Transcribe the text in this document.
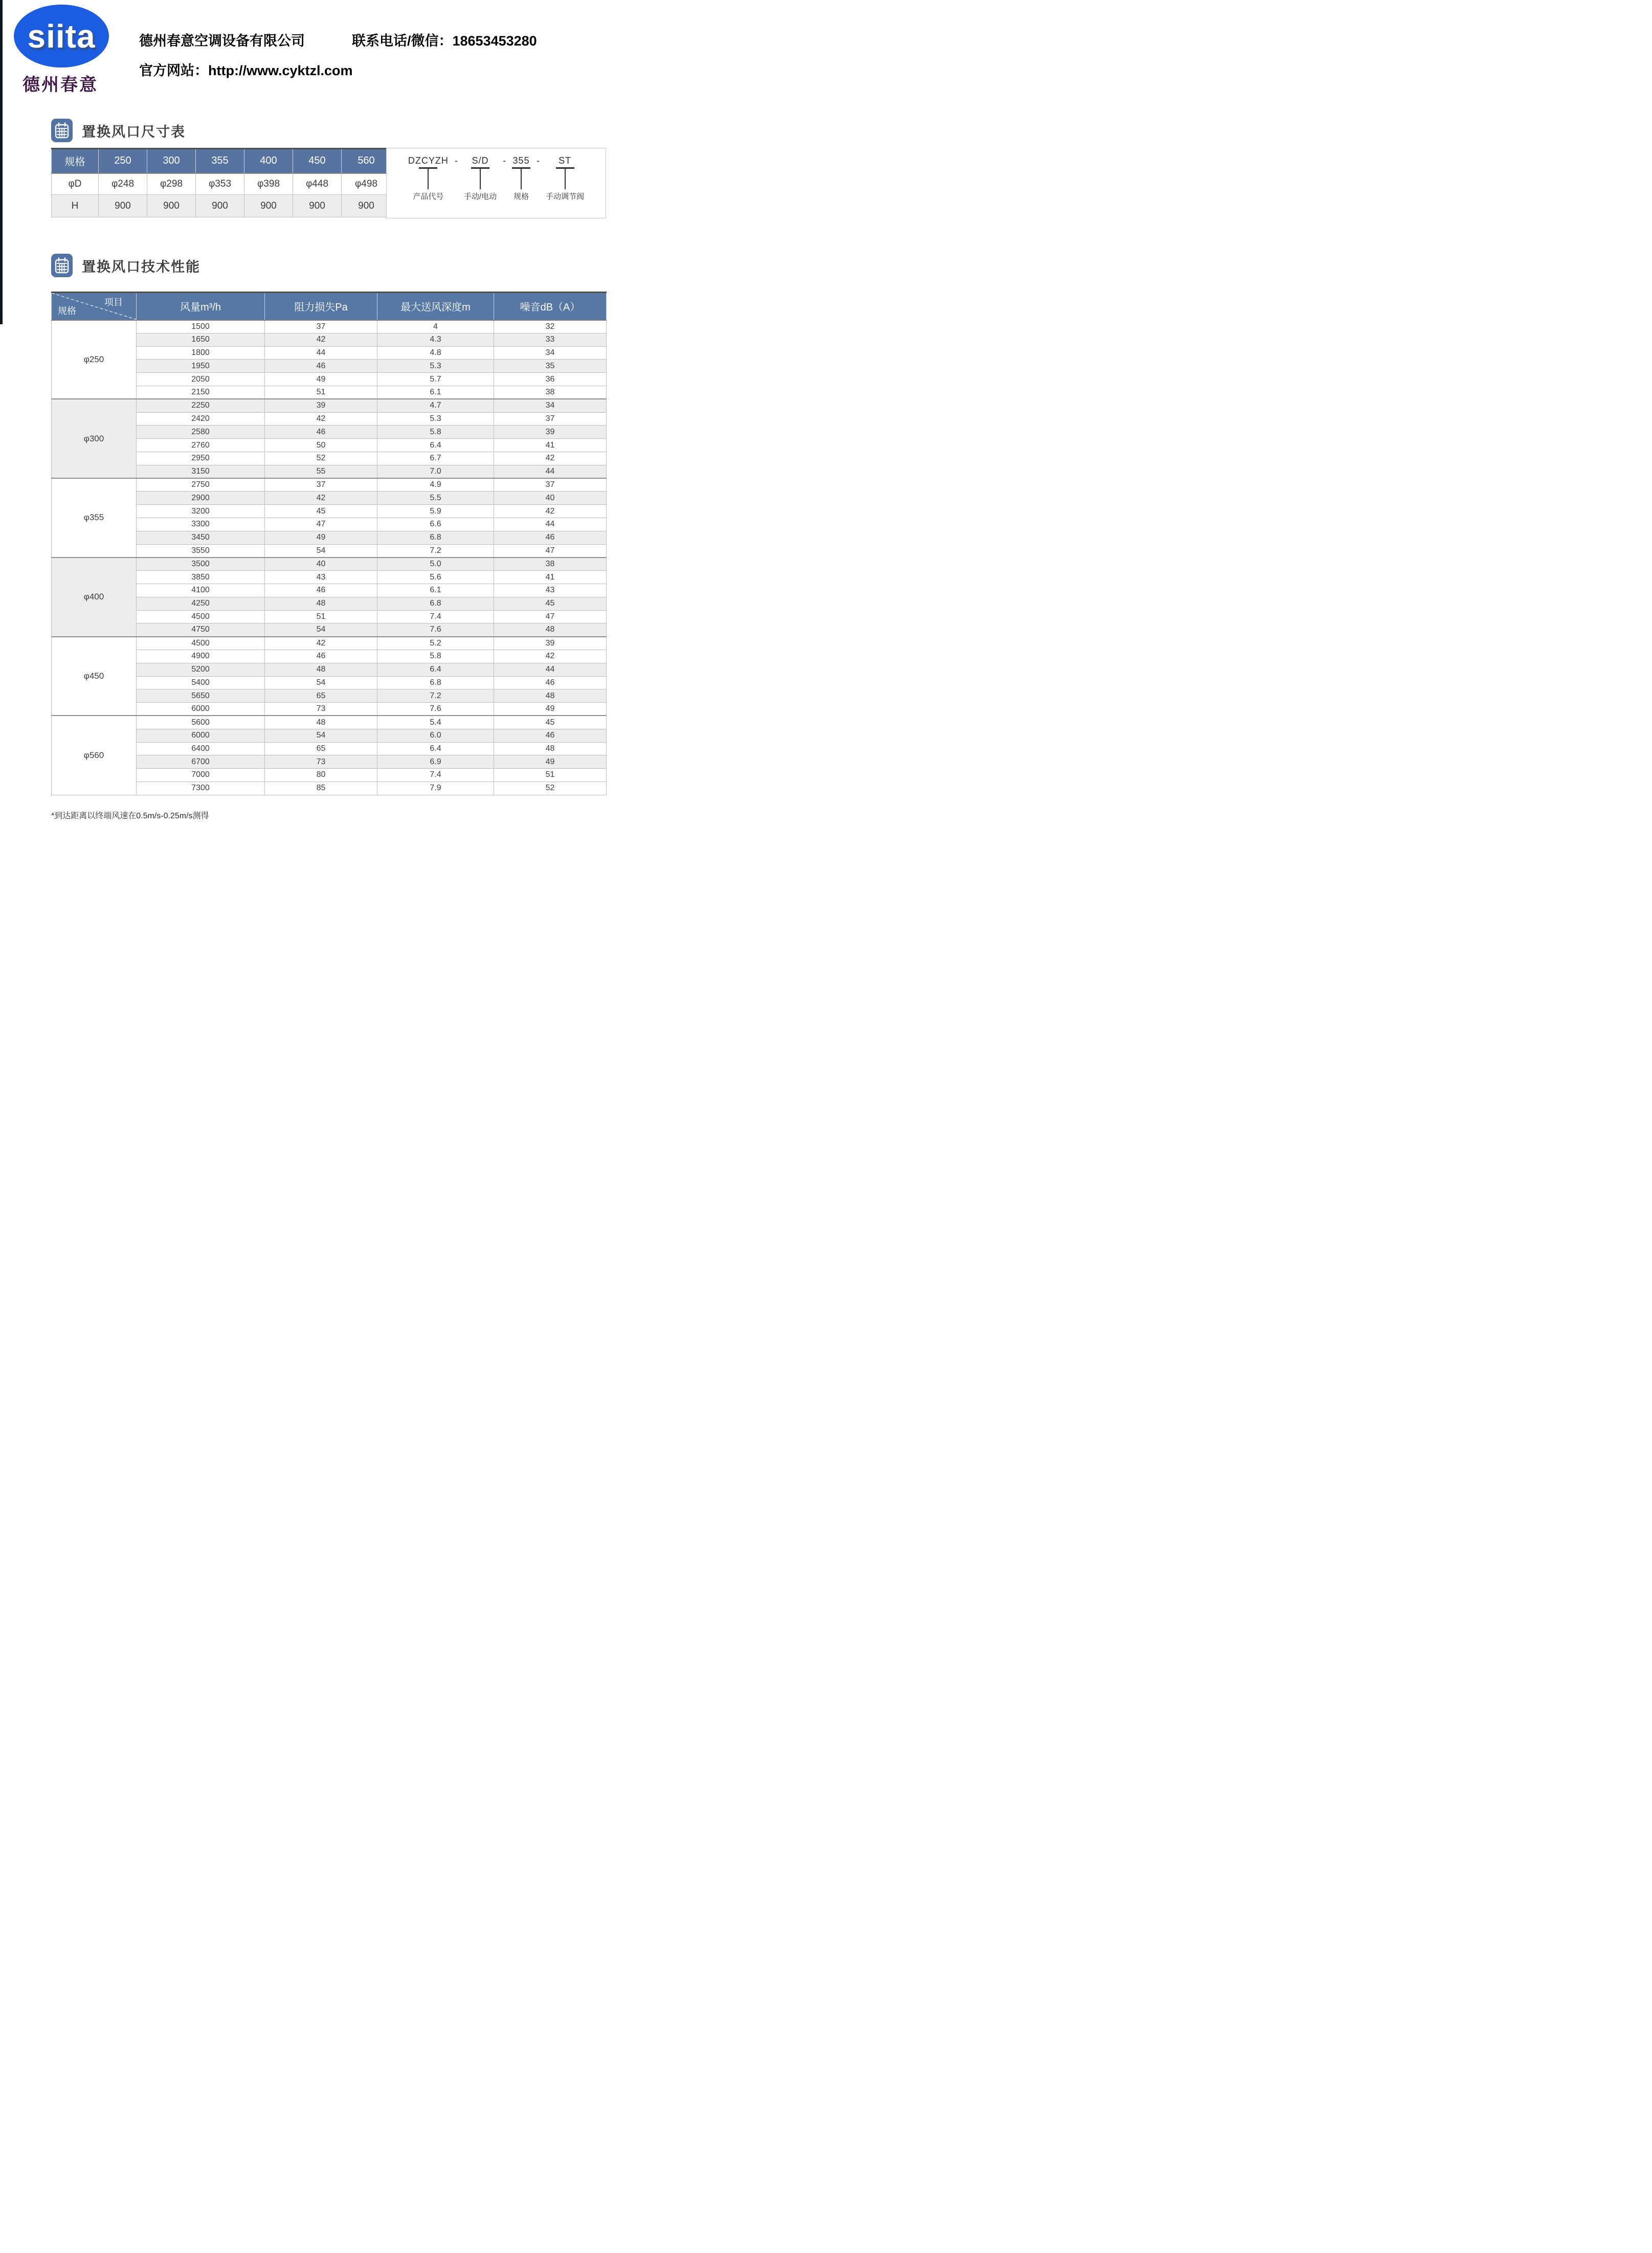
siita
德州春意
德州春意空调设备有限公司	联系电话/微信：18653453280
官方网站：http://www.cyktzl.com
置换风口尺寸表
规格	250	300	355	400	450	560
φD	φ248	φ298	φ353	φ398	φ448	φ498
H	900	900	900	900	900	900
DZCYZH
产品代号
- S/D
手动/电动
- 355
规格
- ST
手动调节阀
置换风口技术性能
项目
规格	风量m³/h	阻力损失Pa	最大送风深度m	噪音dB（A）
φ250	1500	37	4	32
	1650	42	4.3	33
	1800	44	4.8	34
	1950	46	5.3	35
	2050	49	5.7	36
	2150	51	6.1	38
φ300	2250	39	4.7	34
	2420	42	5.3	37
	2580	46	5.8	39
	2760	50	6.4	41
	2950	52	6.7	42
	3150	55	7.0	44
φ355	2750	37	4.9	37
	2900	42	5.5	40
	3200	45	5.9	42
	3300	47	6.6	44
	3450	49	6.8	46
	3550	54	7.2	47
φ400	3500	40	5.0	38
	3850	43	5.6	41
	4100	46	6.1	43
	4250	48	6.8	45
	4500	51	7.4	47
	4750	54	7.6	48
φ450	4500	42	5.2	39
	4900	46	5.8	42
	5200	48	6.4	44
	5400	54	6.8	46
	5650	65	7.2	48
	6000	73	7.6	49
φ560	5600	48	5.4	45
	6000	54	6.0	46
	6400	65	6.4	48
	6700	73	6.9	49
	7000	80	7.4	51
	7300	85	7.9	52
*到达距离以终端风速在0.5m/s-0.25m/s测得
